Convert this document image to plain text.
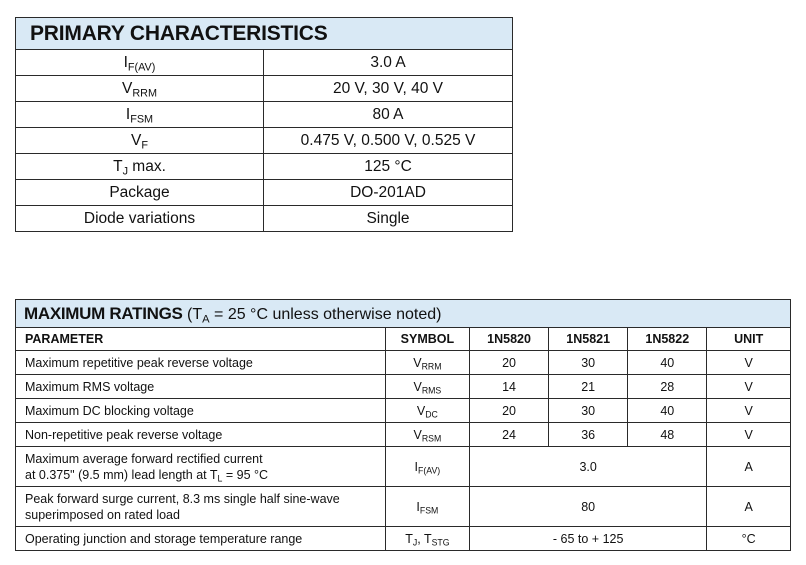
PRIMARY CHARACTERISTICS	
$I_{F(AV)}$	3.0 A
$V_{RRM}$	20 V, 30 V, 40 V
$I_{FSM}$	80 A
$V_F$	0.475 V, 0.500 V, 0.525 V
$T_J$ max.	125 °C
Package	DO-201AD
Diode variations	Single
MAXIMUM RATINGS ($T_A = 25$ °C unless otherwise noted)					
PARAMETER	SYMBOL	1N5820	1N5821	1N5822	UNIT
Maximum repetitive peak reverse voltage	$V_{RRM}$	20	30	40	V
Maximum RMS voltage	$V_{RMS}$	14	21	28	V
Maximum DC blocking voltage	$V_{DC}$	20	30	40	V
Non-repetitive peak reverse voltage	$V_{RSM}$	24	36	48	V
Maximum average forward rectified current
at 0.375" (9.5 mm) lead length at $T_L = 95$ °C	$I_{F(AV)}$	3.0			A
Peak forward surge current, 8.3 ms single half sine-wave
superimposed on rated load	$I_{FSM}$	80			A
Operating junction and storage temperature range	$T_J$, $T_{STG}$	- 65 to + 125			°C
